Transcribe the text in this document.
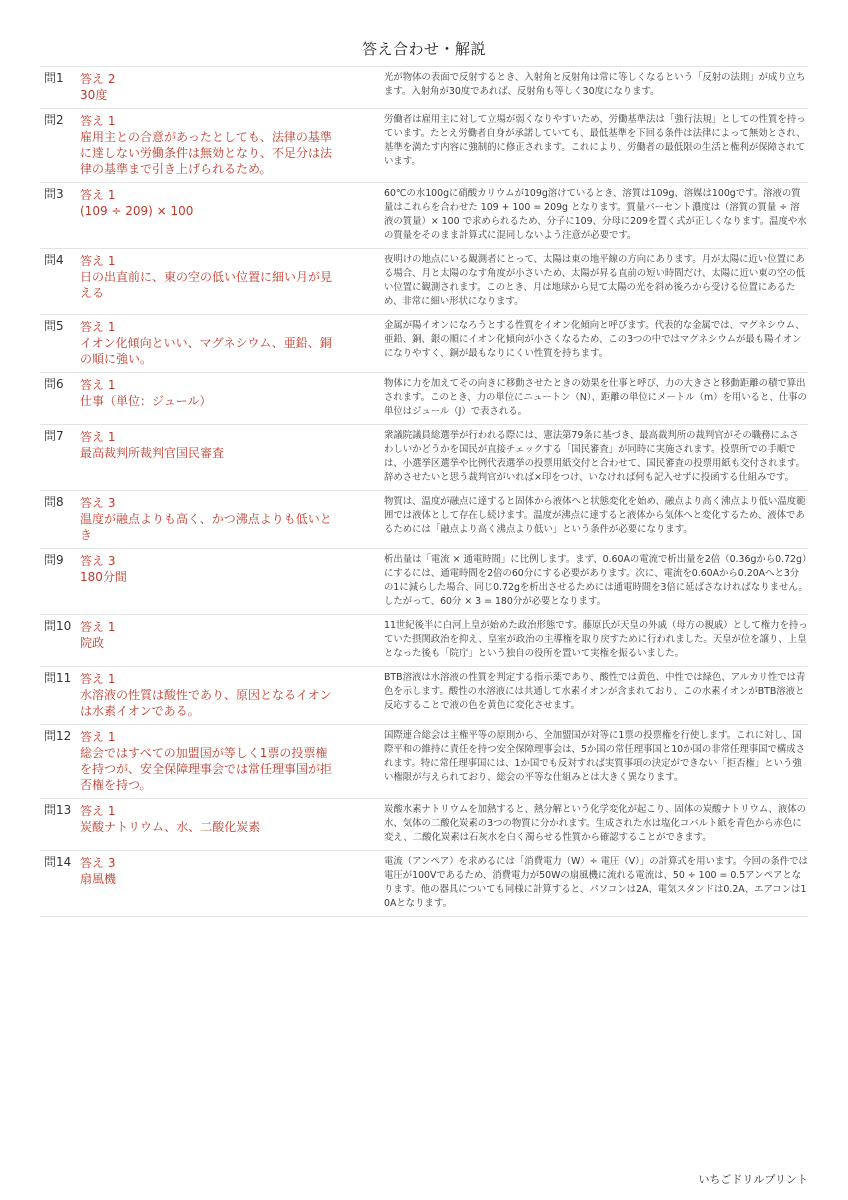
答え合わせ・解説
問1	答え 2
30度
光が物体の表面で反射するとき、入射角と反射角は常に等しくなるという「反射の法則」が成り立ちます。入射角が30度であれば、反射角も等しく30度になります。
問2	答え 1
雇用主との合意があったとしても、法律の基準に達しない労働条件は無効となり、不足分は法律の基準まで引き上げられるため。
労働者は雇用主に対して立場が弱くなりやすいため、労働基準法は「強行法規」としての性質を持っています。たとえ労働者自身が承諾していても、最低基準を下回る条件は法律によって無効とされ、基準を満たす内容に強制的に修正されます。これにより、労働者の最低限の生活と権利が保障されています。
問3	答え 1
(109 ÷ 209) × 100
60℃の水100gに硝酸カリウムが109g溶けているとき、溶質は109g、溶媒は100gです。溶液の質量はこれらを合わせた 109 + 100 = 209g となります。質量パーセント濃度は（溶質の質量 ÷ 溶液の質量）× 100 で求められるため、分子に109、分母に209を置く式が正しくなります。温度や水の質量をそのまま計算式に混同しないよう注意が必要です。
問4	答え 1
日の出直前に、東の空の低い位置に細い月が見える
夜明けの地点にいる観測者にとって、太陽は東の地平線の方向にあります。月が太陽に近い位置にある場合、月と太陽のなす角度が小さいため、太陽が昇る直前の短い時間だけ、太陽に近い東の空の低い位置に観測されます。このとき、月は地球から見て太陽の光を斜め後ろから受ける位置にあるため、非常に細い形状になります。
問5	答え 1
イオン化傾向といい、マグネシウム、亜鉛、銅の順に強い。
金属が陽イオンになろうとする性質をイオン化傾向と呼びます。代表的な金属では、マグネシウム、亜鉛、銅、銀の順にイオン化傾向が小さくなるため、この3つの中ではマグネシウムが最も陽イオンになりやすく、銅が最もなりにくい性質を持ちます。
問6	答え 1
仕事（単位：ジュール）
物体に力を加えてその向きに移動させたときの効果を仕事と呼び、力の大きさと移動距離の積で算出されます。このとき、力の単位にニュートン（N）、距離の単位にメートル（m）を用いると、仕事の単位はジュール（J）で表される。
問7	答え 1
最高裁判所裁判官国民審査
衆議院議員総選挙が行われる際には、憲法第79条に基づき、最高裁判所の裁判官がその職務にふさわしいかどうかを国民が直接チェックする「国民審査」が同時に実施されます。投票所での手順では、小選挙区選挙や比例代表選挙の投票用紙交付と合わせて、国民審査の投票用紙も交付されます。辞めさせたいと思う裁判官がいれば×印をつけ、いなければ何も記入せずに投函する仕組みです。
問8	答え 3
温度が融点よりも高く、かつ沸点よりも低いとき
物質は、温度が融点に達すると固体から液体へと状態変化を始め、融点より高く沸点より低い温度範囲では液体として存在し続けます。温度が沸点に達すると液体から気体へと変化するため、液体であるためには「融点より高く沸点より低い」という条件が必要になります。
問9	答え 3
180分間
析出量は「電流 × 通電時間」に比例します。まず、0.60Aの電流で析出量を2倍（0.36gから0.72g）にするには、通電時間を2倍の60分にする必要があります。次に、電流を0.60Aから0.20Aへと3分の1に減らした場合、同じ0.72gを析出させるためには通電時間を3倍に延ばさなければなりません。したがって、60分 × 3 = 180分が必要となります。
問10 答え 1
院政
11世紀後半に白河上皇が始めた政治形態です。藤原氏が天皇の外戚（母方の親戚）として権力を持っていた摂関政治を抑え、皇室が政治の主導権を取り戻すために行われました。天皇が位を譲り、上皇となった後も「院庁」という独自の役所を置いて実権を振るいました。
問11 答え 1
水溶液の性質は酸性であり、原因となるイオンは水素イオンである。
BTB溶液は水溶液の性質を判定する指示薬であり、酸性では黄色、中性では緑色、アルカリ性では青色を示します。酸性の水溶液には共通して水素イオンが含まれており、この水素イオンがBTB溶液と反応することで液の色を黄色に変化させます。
問12 答え 1
総会ではすべての加盟国が等しく1票の投票権を持つが、安全保障理事会では常任理事国が拒否権を持つ。
国際連合総会は主権平等の原則から、全加盟国が対等に1票の投票権を行使します。これに対し、国際平和の維持に責任を持つ安全保障理事会は、5か国の常任理事国と10か国の非常任理事国で構成されます。特に常任理事国には、1か国でも反対すれば実質事項の決定ができない「拒否権」という強い権限が与えられており、総会の平等な仕組みとは大きく異なります。
問13 答え 1
炭酸ナトリウム、水、二酸化炭素
炭酸水素ナトリウムを加熱すると、熱分解という化学変化が起こり、固体の炭酸ナトリウム、液体の水、気体の二酸化炭素の3つの物質に分かれます。生成された水は塩化コバルト紙を青色から赤色に変え、二酸化炭素は石灰水を白く濁らせる性質から確認することができます。
問14 答え 3
扇風機
電流（アンペア）を求めるには「消費電力（W）÷ 電圧（V）」の計算式を用います。今回の条件では電圧が100Vであるため、消費電力が50Wの扇風機に流れる電流は、50 ÷ 100 = 0.5アンペアとなります。他の器具についても同様に計算すると、パソコンは2A、電気スタンドは0.2A、エアコンは10Aとなります。
いちごドリルプリント
